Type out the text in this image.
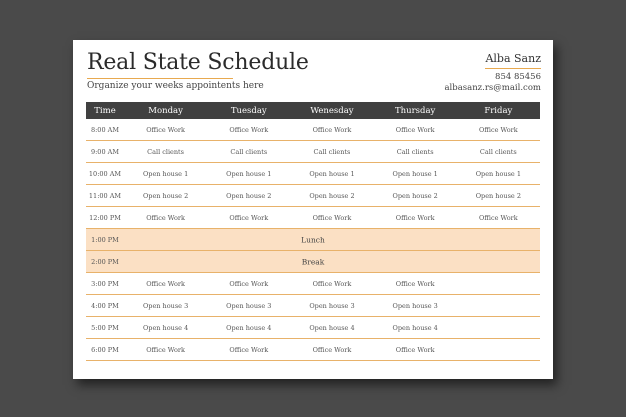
Real State Schedule
Organize your weeks appointents here
Alba Sanz
854 85456
albasanz.rs@mail.com
Time	Monday	Tuesday	Wenesday	Thursday	Friday
8:00 AM	Office Work	Office Work	Office Work	Office Work	Office Work
9:00 AM	Call clients	Call clients	Call clients	Call clients	Call clients
10:00 AM	Open house 1	Open house 1	Open house 1	Open house 1	Open house 1
11:00 AM	Open house 2	Open house 2	Open house 2	Open house 2	Open house 2
12:00 PM	Office Work	Office Work	Office Work	Office Work	Office Work
1:00 PM	Lunch
2:00 PM	Break
3:00 PM	Office Work	Office Work	Office Work	Office Work
4:00 PM	Open house 3	Open house 3	Open house 3	Open house 3
5:00 PM	Open house 4	Open house 4	Open house 4	Open house 4
6:00 PM	Office Work	Office Work	Office Work	Office Work
